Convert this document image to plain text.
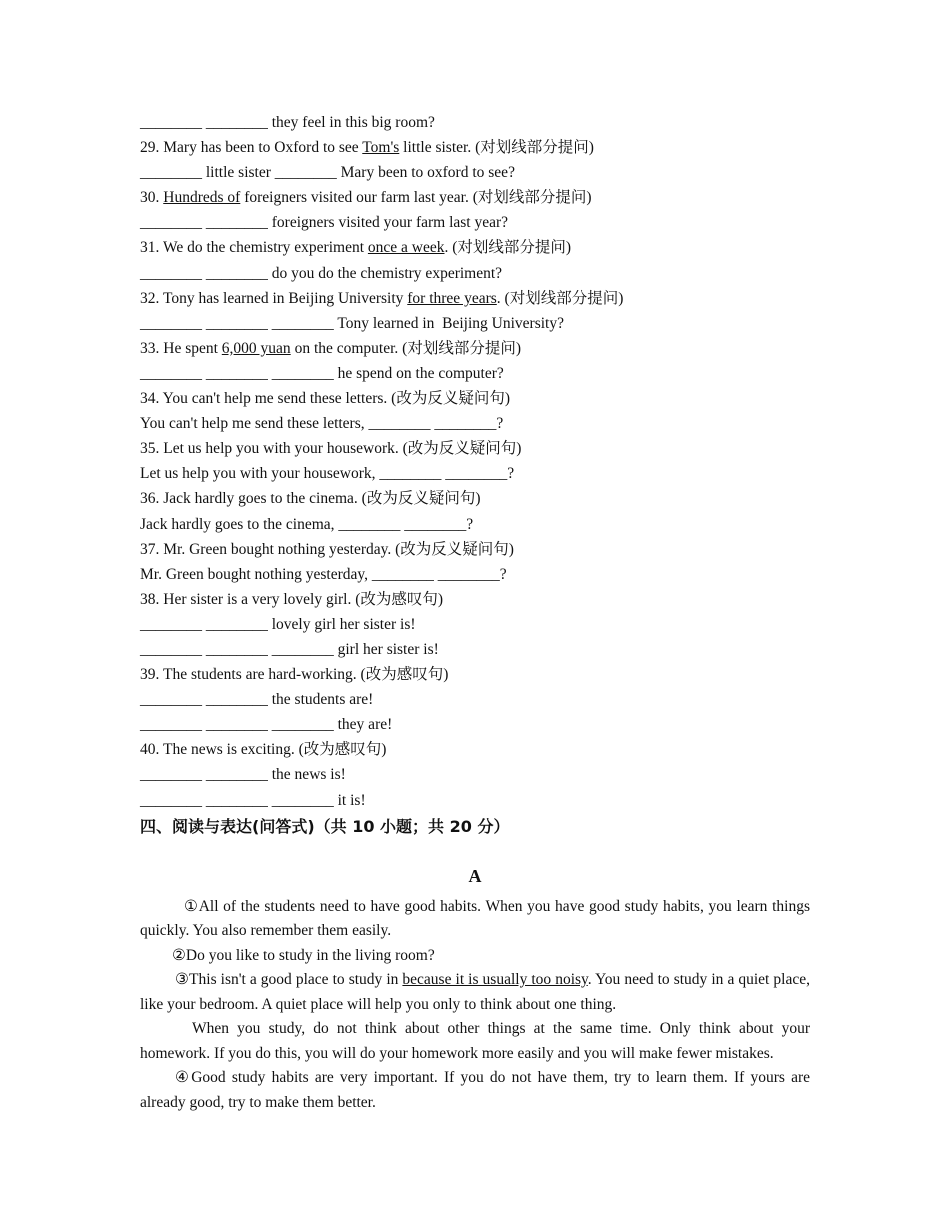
________ ________ they feel in this big room?

29. Mary has been to Oxford to see Tom's little sister. (对划线部分提问)

________ little sister ________ Mary been to oxford to see?

30. Hundreds of foreigners visited our farm last year. (对划线部分提问)

________ ________ foreigners visited your farm last year?

31. We do the chemistry experiment once a week. (对划线部分提问)

________ ________ do you do the chemistry experiment?

32. Tony has learned in Beijing University for three years. (对划线部分提问)

________ ________ ________ Tony learned in  Beijing University?

33. He spent 6,000 yuan on the computer. (对划线部分提问)

________ ________ ________ he spend on the computer?

34. You can't help me send these letters. (改为反义疑问句)

You can't help me send these letters, ________ ________?

35. Let us help you with your housework. (改为反义疑问句)

Let us help you with your housework, ________ ________?

36. Jack hardly goes to the cinema. (改为反义疑问句)

Jack hardly goes to the cinema, ________ ________?

37. Mr. Green bought nothing yesterday. (改为反义疑问句)

Mr. Green bought nothing yesterday, ________ ________?

38. Her sister is a very lovely girl. (改为感叹句)

________ ________ lovely girl her sister is!

________ ________ ________ girl her sister is!

39. The students are hard-working. (改为感叹句)

________ ________ the students are!

________ ________ ________ they are!

40. The news is exciting. (改为感叹句)

________ ________ the news is!

________ ________ ________ it is!

四、阅读与表达(问答式)（共 10 小题；共 20 分）

A

①All of the students need to have good habits. When you have good study habits, you learn things quickly. You also remember them easily.

②Do you like to study in the living room?

③This isn't a good place to study in because it is usually too noisy. You need to study in a quiet place, like your bedroom. A quiet place will help you only to think about one thing.

When you study, do not think about other things at the same time. Only think about your homework. If you do this, you will do your homework more easily and you will make fewer mistakes.

④Good study habits are very important. If you do not have them, try to learn them. If yours are already good, try to make them better.
